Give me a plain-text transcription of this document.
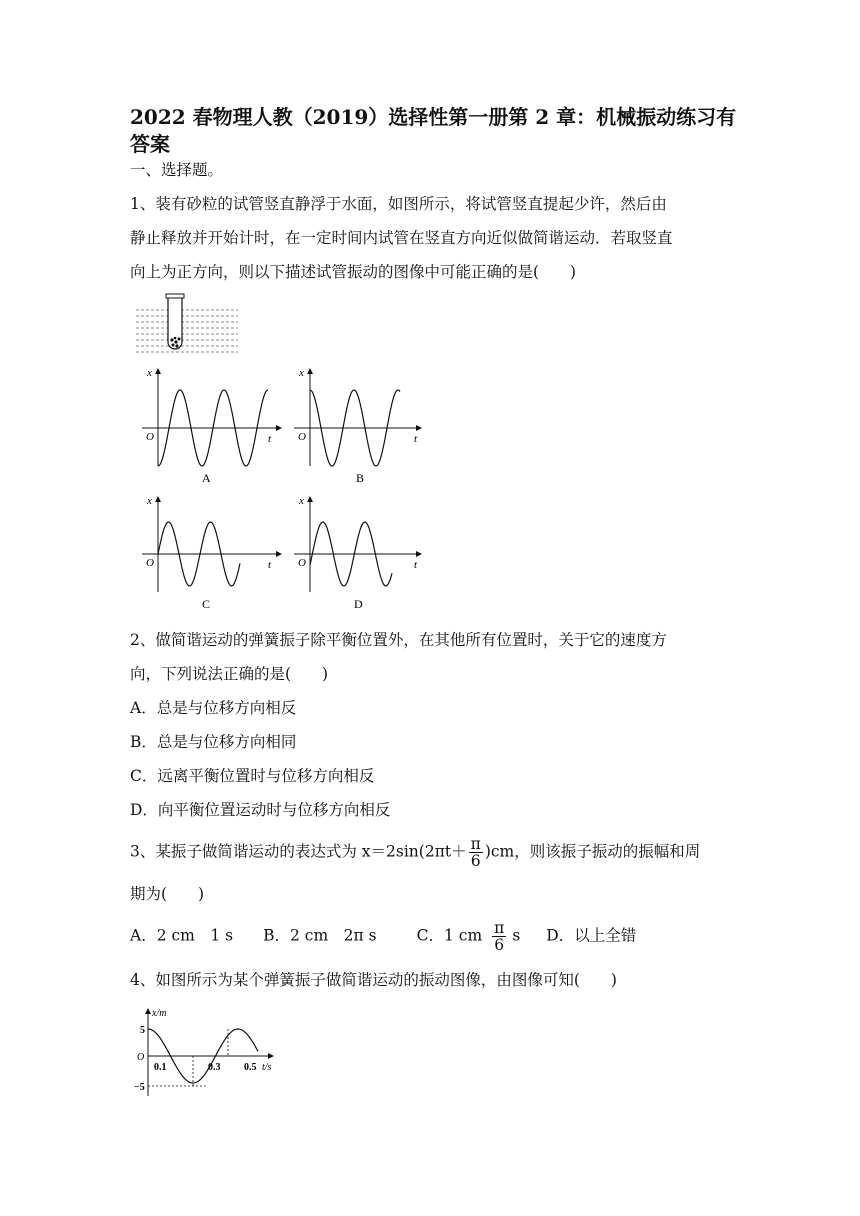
2022 春物理人教（2019）选择性第一册第 2 章：机械振动练习有答案
一、选择题。
1、装有砂粒的试管竖直静浮于水面，如图所示，将试管竖直提起少许，然后由
静止释放并开始计时，在一定时间内试管在竖直方向近似做简谐运动．若取竖直
向上为正方向，则以下描述试管振动的图像中可能正确的是(　　)
x
t
O
A
x
t
O
B
x
t
O
C
x
t
O
D
2、做简谐运动的弹簧振子除平衡位置外，在其他所有位置时，关于它的速度方
向，下列说法正确的是(　　)
A．总是与位移方向相反
B．总是与位移方向相同
C．远离平衡位置时与位移方向相反
D．向平衡位置运动时与位移方向相反
3、某振子做简谐运动的表达式为 $x=2\sin(2\pi t+ \frac{\pi}{6} )cm$，则该振子振动的振幅和周
期为(　　)
A．2 cm　1 s B．2 cm　2π s	C．1 cm $\frac{\pi}{6}$ s D．以上全错
4、如图所示为某个弹簧振子做简谐运动的振动图像，由图像可知(　　)
x/m
t/s
O
5
−5
0.1	0.3 0.5
